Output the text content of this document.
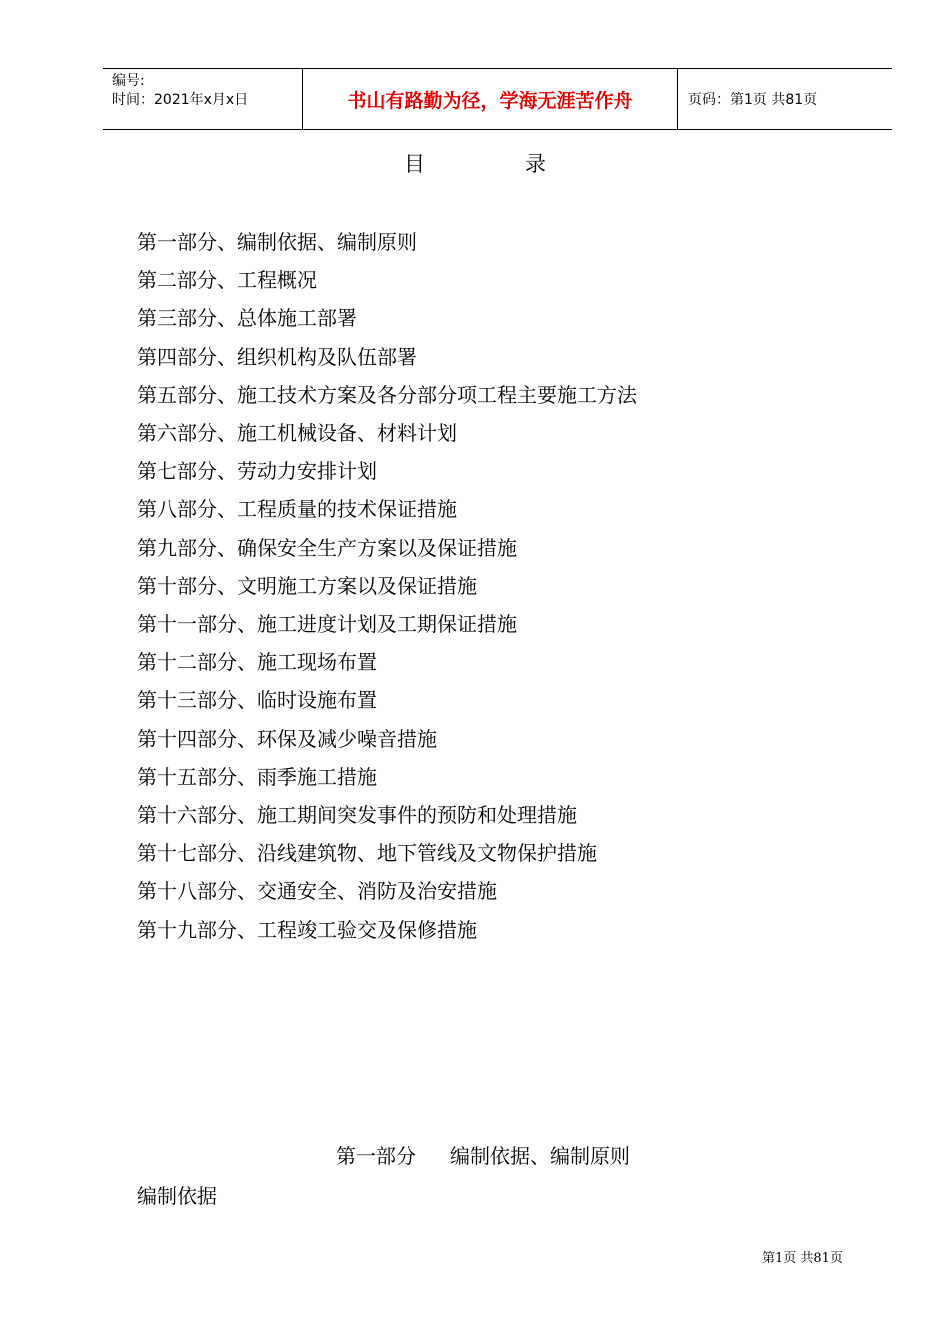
编号:
时间：2021年x月x日	书山有路勤为径，学海无涯苦作舟	页码：第1页 共81页
目	录
第一部分、编制依据、编制原则
第二部分、工程概况
第三部分、总体施工部署
第四部分、组织机构及队伍部署
第五部分、施工技术方案及各分部分项工程主要施工方法
第六部分、施工机械设备、材料计划
第七部分、劳动力安排计划
第八部分、工程质量的技术保证措施
第九部分、确保安全生产方案以及保证措施
第十部分、文明施工方案以及保证措施
第十一部分、施工进度计划及工期保证措施
第十二部分、施工现场布置
第十三部分、临时设施布置
第十四部分、环保及减少噪音措施
第十五部分、雨季施工措施
第十六部分、施工期间突发事件的预防和处理措施
第十七部分、沿线建筑物、地下管线及文物保护措施
第十八部分、交通安全、消防及治安措施
第十九部分、工程竣工验交及保修措施
第一部分 编制依据、编制原则
编制依据
第1页 共81页
